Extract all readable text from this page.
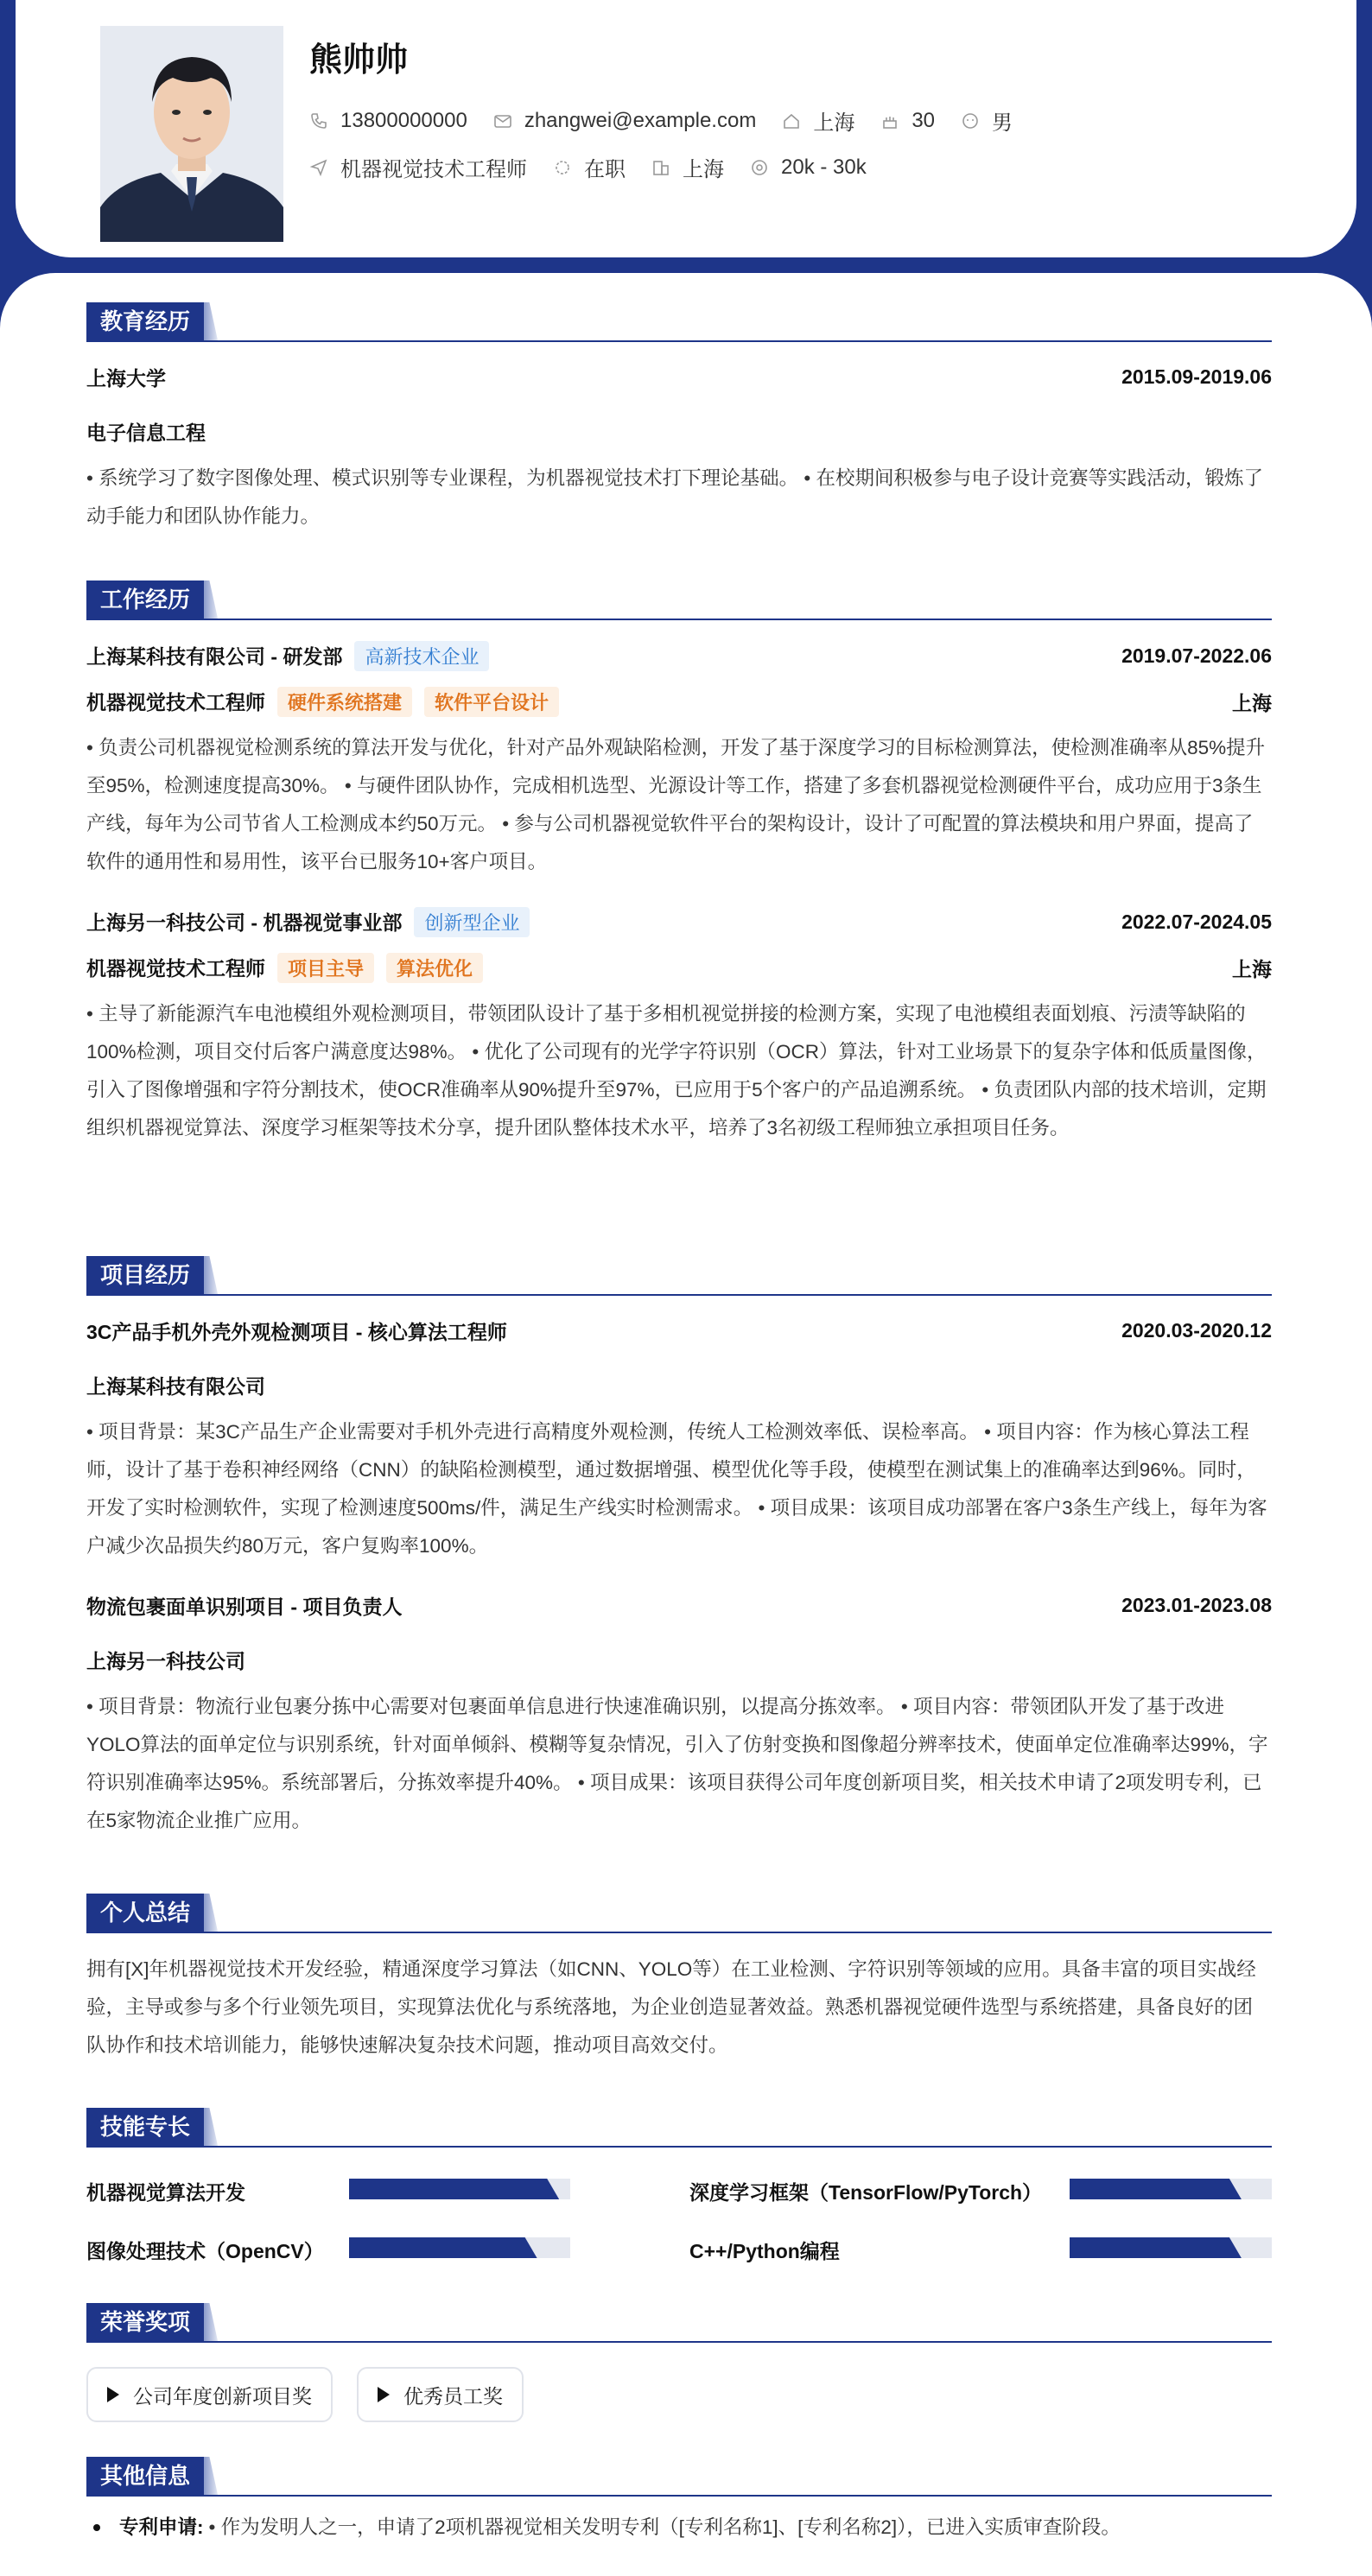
熊帅帅
13800000000	zhangwei@example.com	上海	30	男
机器视觉技术工程师	在职	上海	20k - 30k
教育经历
上海大学	2015.09-2019.06
电子信息工程
• 系统学习了数字图像处理、模式识别等专业课程，为机器视觉技术打下理论基础。 • 在校期间积极参与电子设计竞赛等实践活动，锻炼了动手能力和团队协作能力。
工作经历
上海某科技有限公司 - 研发部 高新技术企业	2019.07-2022.06
机器视觉技术工程师 硬件系统搭建 软件平台设计	上海
• 负责公司机器视觉检测系统的算法开发与优化，针对产品外观缺陷检测，开发了基于深度学习的目标检测算法，使检测准确率从85%提升至95%，检测速度提高30%。 • 与硬件团队协作，完成相机选型、光源设计等工作，搭建了多套机器视觉检测硬件平台，成功应用于3条生产线，每年为公司节省人工检测成本约50万元。 • 参与公司机器视觉软件平台的架构设计，设计了可配置的算法模块和用户界面，提高了软件的通用性和易用性，该平台已服务10+客户项目。
上海另一科技公司 - 机器视觉事业部 创新型企业	2022.07-2024.05
机器视觉技术工程师 项目主导 算法优化	上海
• 主导了新能源汽车电池模组外观检测项目，带领团队设计了基于多相机视觉拼接的检测方案，实现了电池模组表面划痕、污渍等缺陷的100%检测，项目交付后客户满意度达98%。 • 优化了公司现有的光学字符识别（OCR）算法，针对工业场景下的复杂字体和低质量图像，引入了图像增强和字符分割技术，使OCR准确率从90%提升至97%，已应用于5个客户的产品追溯系统。 • 负责团队内部的技术培训，定期组织机器视觉算法、深度学习框架等技术分享，提升团队整体技术水平，培养了3名初级工程师独立承担项目任务。
项目经历
3C产品手机外壳外观检测项目 - 核心算法工程师	2020.03-2020.12
上海某科技有限公司
• 项目背景：某3C产品生产企业需要对手机外壳进行高精度外观检测，传统人工检测效率低、误检率高。 • 项目内容：作为核心算法工程师，设计了基于卷积神经网络（CNN）的缺陷检测模型，通过数据增强、模型优化等手段，使模型在测试集上的准确率达到96%。同时，开发了实时检测软件，实现了检测速度500ms/件，满足生产线实时检测需求。 • 项目成果：该项目成功部署在客户3条生产线上，每年为客户减少次品损失约80万元，客户复购率100%。
物流包裹面单识别项目 - 项目负责人	2023.01-2023.08
上海另一科技公司
• 项目背景：物流行业包裹分拣中心需要对包裹面单信息进行快速准确识别，以提高分拣效率。 • 项目内容：带领团队开发了基于改进YOLO算法的面单定位与识别系统，针对面单倾斜、模糊等复杂情况，引入了仿射变换和图像超分辨率技术，使面单定位准确率达99%，字符识别准确率达95%。系统部署后，分拣效率提升40%。 • 项目成果：该项目获得公司年度创新项目奖，相关技术申请了2项发明专利，已在5家物流企业推广应用。
个人总结
拥有[X]年机器视觉技术开发经验，精通深度学习算法（如CNN、YOLO等）在工业检测、字符识别等领域的应用。具备丰富的项目实战经验，主导或参与多个行业领先项目，实现算法优化与系统落地，为企业创造显著效益。熟悉机器视觉硬件选型与系统搭建，具备良好的团队协作和技术培训能力，能够快速解决复杂技术问题，推动项目高效交付。
技能专长
机器视觉算法开发	深度学习框架（TensorFlow/PyTorch）
图像处理技术（OpenCV）	C++/Python编程
荣誉奖项
公司年度创新项目奖	优秀员工奖
其他信息
专利申请: • 作为发明人之一，申请了2项机器视觉相关发明专利（[专利名称1]、[专利名称2]），已进入实质审查阶段。
